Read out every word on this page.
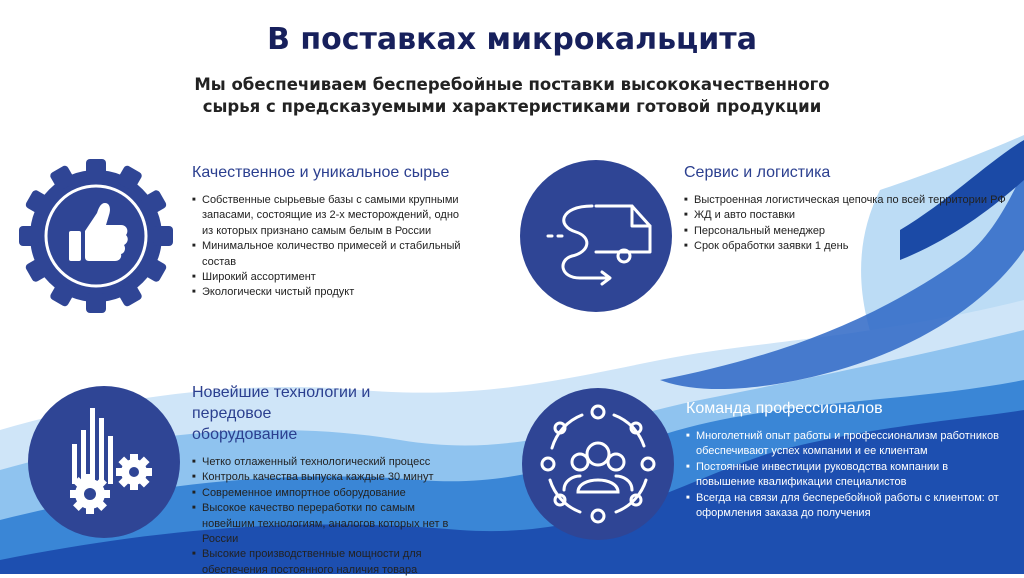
В поставках микрокальцита
Мы обеспечиваем бесперебойные поставки высококачественного
сырья с предсказуемыми характеристиками готовой продукции
Качественное и уникальное сырье
■ Собственные сырьевые базы с самыми крупными запасами, состоящие из 2-х месторождений, одно из которых признано самым белым в России
■ Минимальное количество примесей и стабильный состав
■ Широкий ассортимент
■ Экологически чистый продукт
Сервис и логистика
■ Выстроенная логистическая цепочка по всей территории РФ
■ ЖД и авто поставки
■ Персональный менеджер
■ Срок обработки заявки 1 день
Новейшие технологии и передовое
оборудование
■ Четко отлаженный технологический процесс
■ Контроль качества выпуска каждые 30 минут
■ Современное импортное оборудование
■ Высокое качество переработки по самым новейшим технологиям, аналогов которых нет в России
■ Высокие производственные мощности для обеспечения постоянного наличия товара
Команда профессионалов
■ Многолетний опыт работы и профессионализм работников обеспечивают успех компании и ее клиентам
■ Постоянные инвестиции руководства компании в повышение квалификации специалистов
■ Всегда на связи для бесперебойной работы с клиентом: от оформления заказа до получения
